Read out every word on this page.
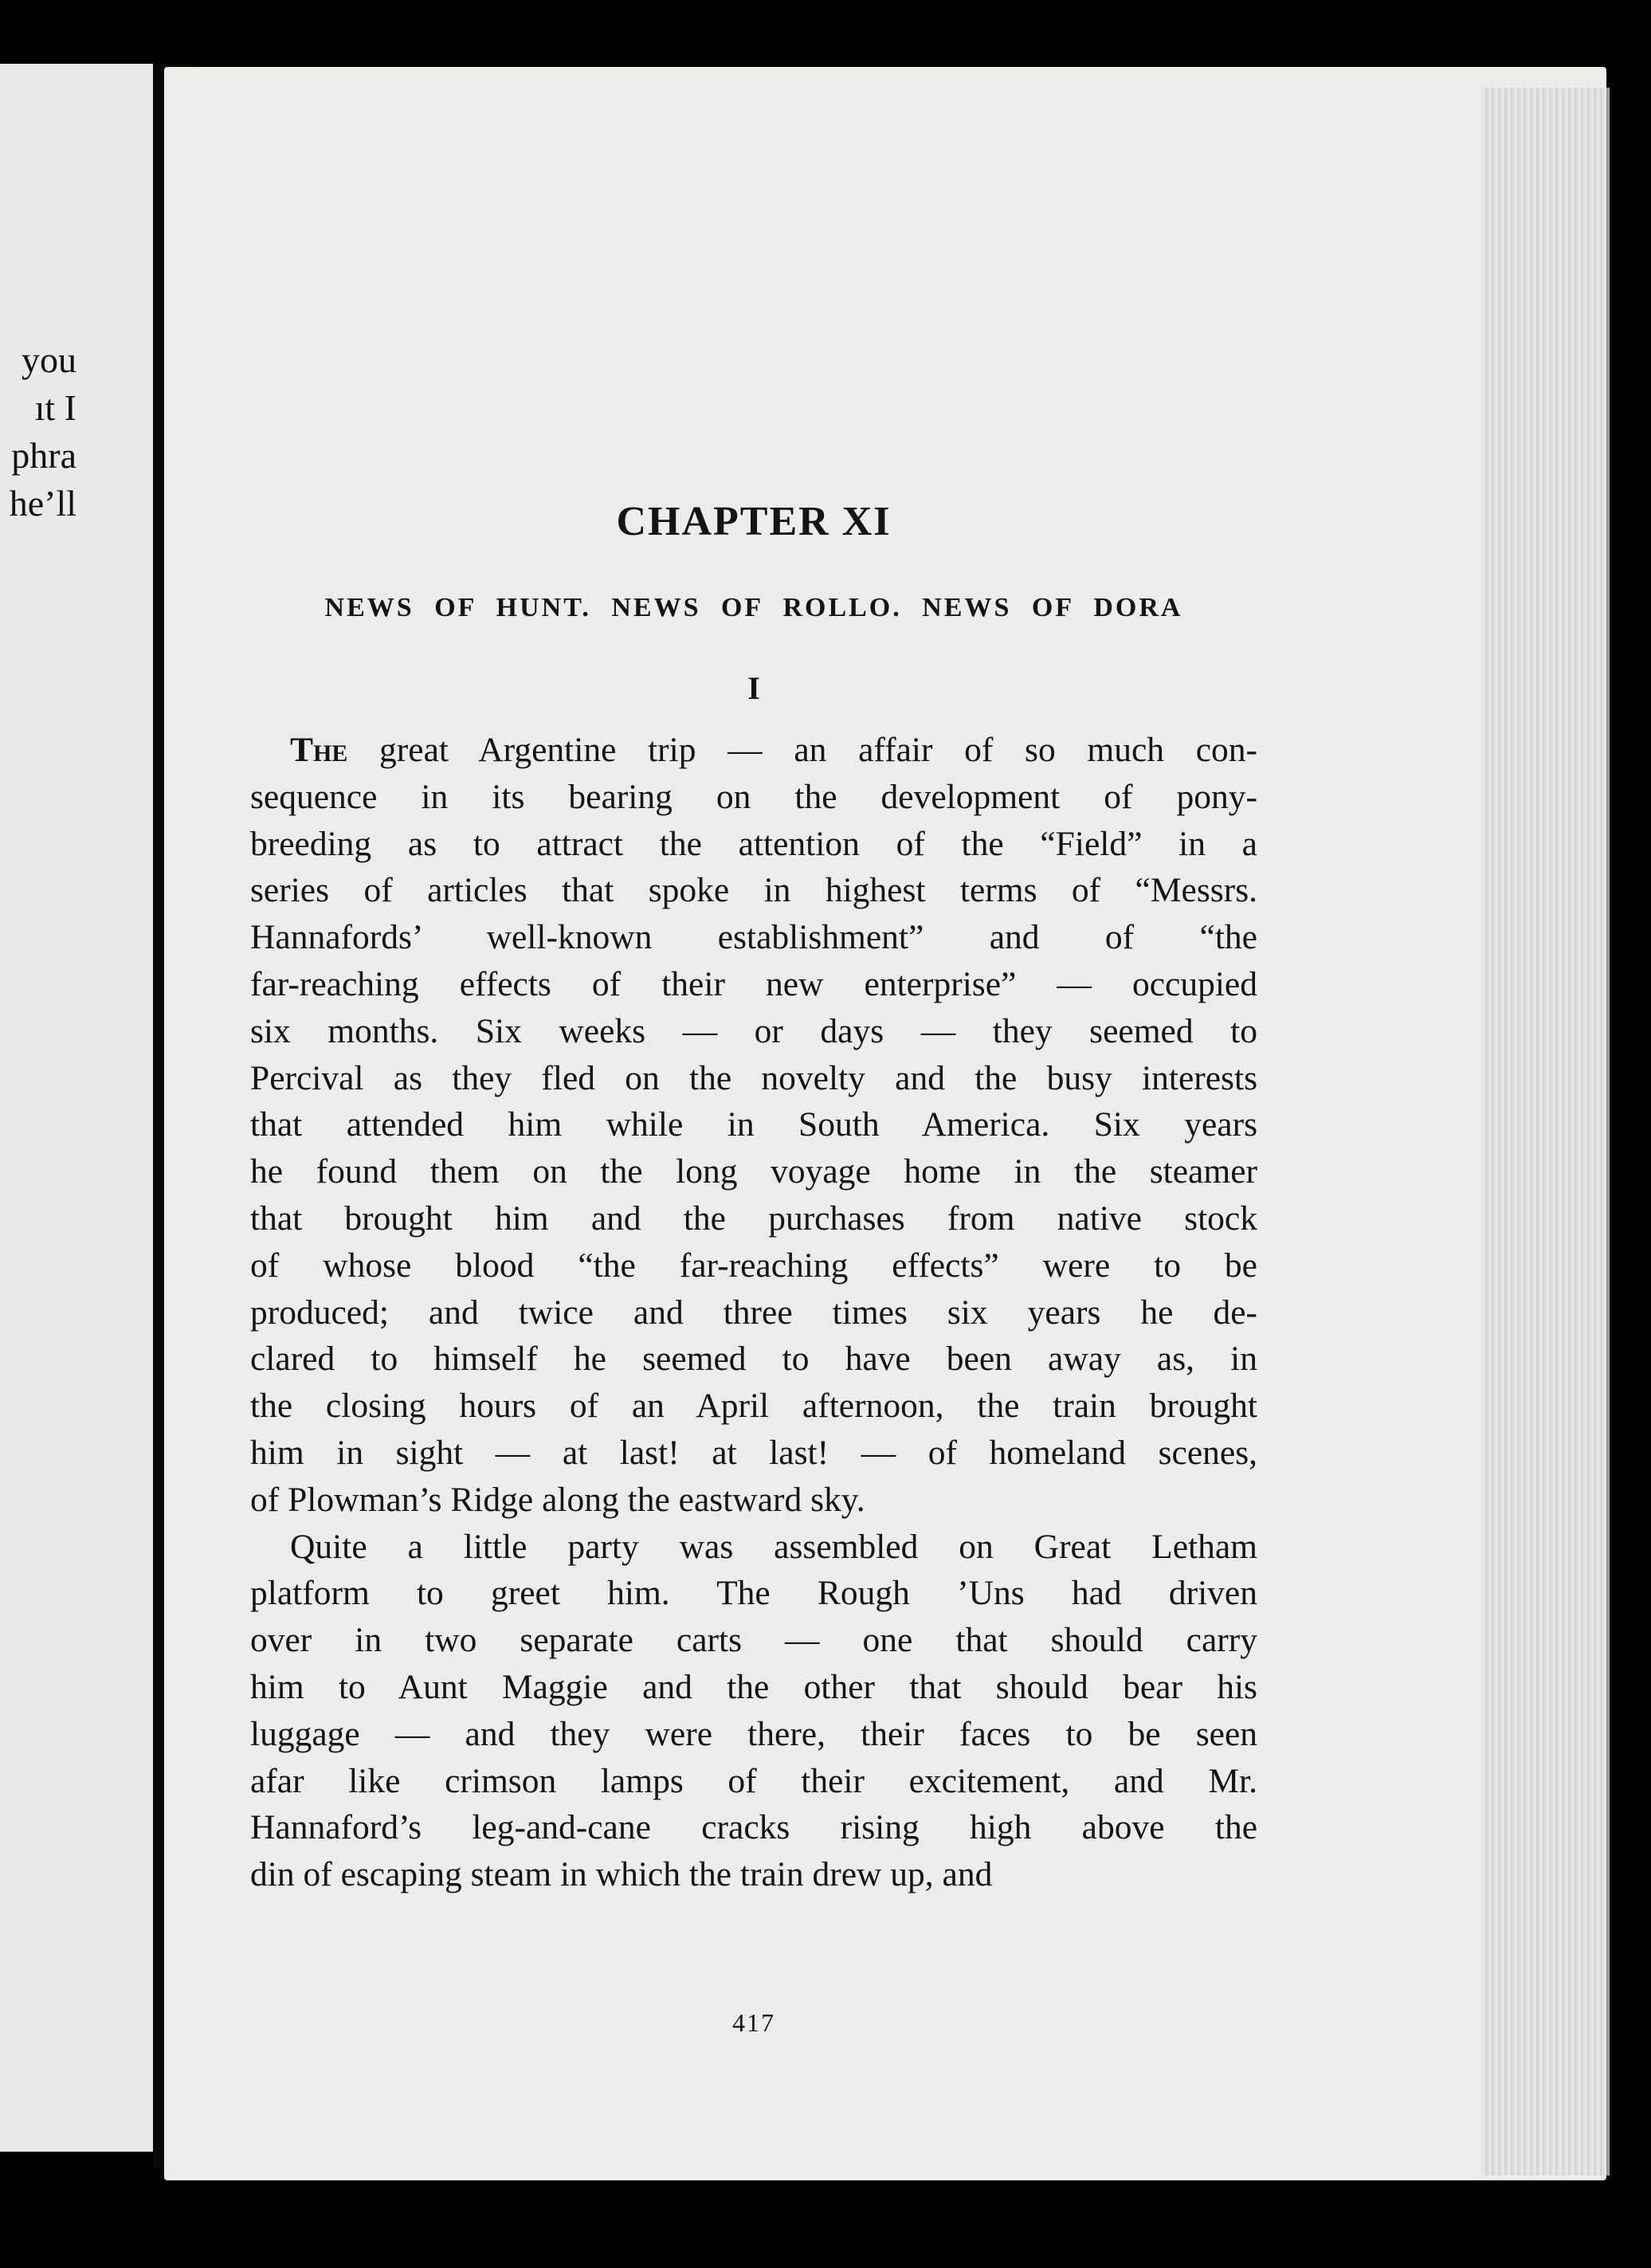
you
ıt I
phra
he’ll	CHAPTER XI
NEWS OF HUNT. NEWS OF ROLLO. NEWS OF DORA
I
The great Argentine trip — an affair of so much con-
sequence in its bearing on the development of pony-
breeding as to attract the attention of the “Field” in a
series of articles that spoke in highest terms of “Messrs.
Hannafords’ well-known establishment” and of “the
far-reaching effects of their new enterprise” — occupied
six months. Six weeks — or days — they seemed to
Percival as they fled on the novelty and the busy interests
that attended him while in South America. Six years
he found them on the long voyage home in the steamer
that brought him and the purchases from native stock
of whose blood “the far-reaching effects” were to be
produced; and twice and three times six years he de-
clared to himself he seemed to have been away as, in
the closing hours of an April afternoon, the train brought
him in sight — at last! at last! — of homeland scenes,
of Plowman’s Ridge along the eastward sky.
Quite a little party was assembled on Great Letham
platform to greet him. The Rough ’Uns had driven
over in two separate carts — one that should carry
him to Aunt Maggie and the other that should bear his
luggage — and they were there, their faces to be seen
afar like crimson lamps of their excitement, and Mr.
Hannaford’s leg-and-cane cracks rising high above the
din of escaping steam in which the train drew up, and
417
